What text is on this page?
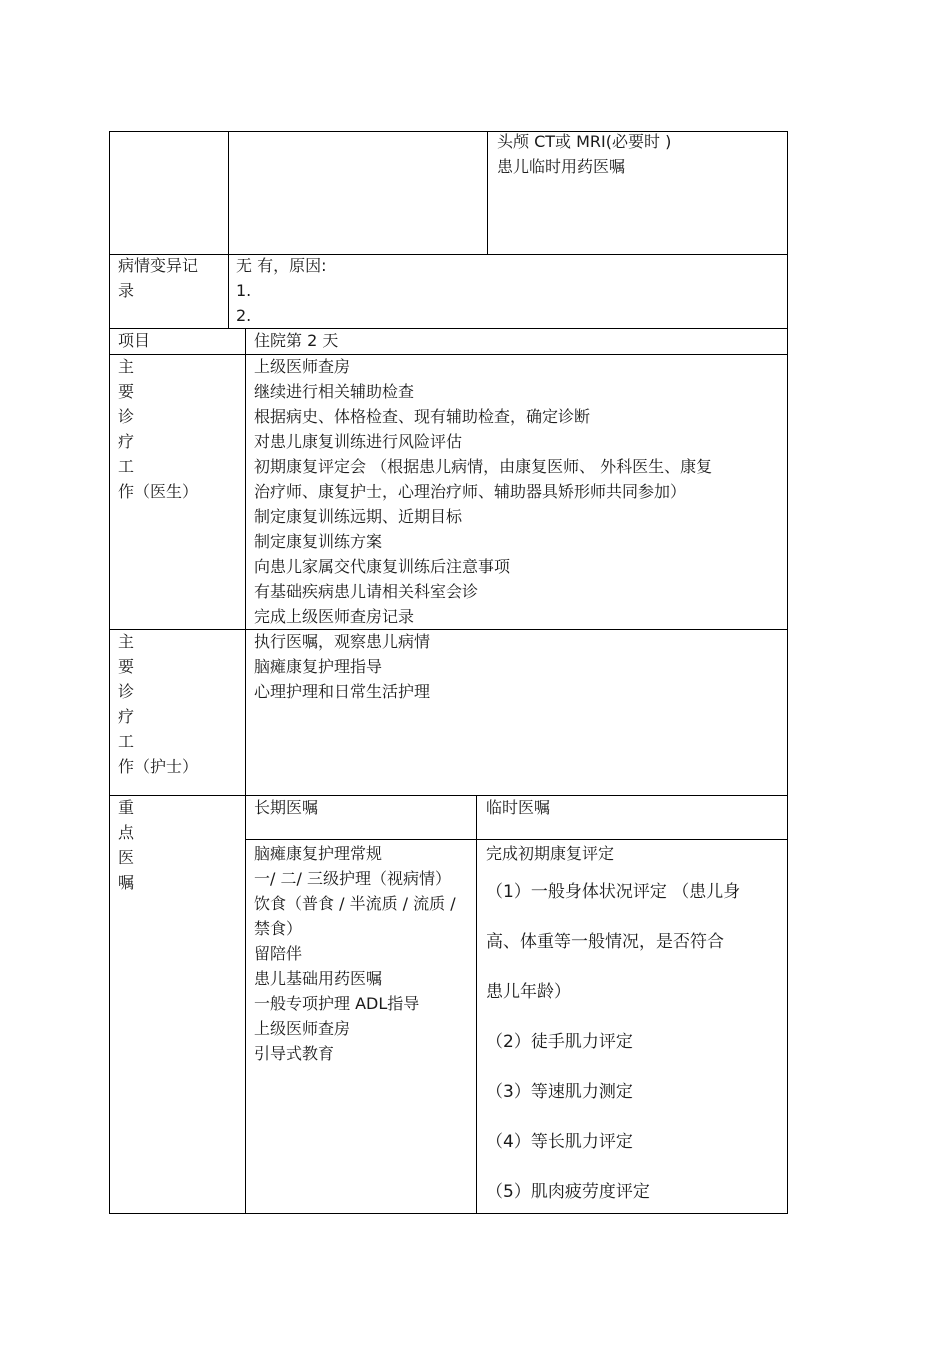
头颅 CT或 MRI(必要时 )
患儿临时用药医嘱
病情变异记
录
无 有，原因:
1.
2.
项目	住院第 2 天
主
要
诊
疗
工
作（医生）
上级医师查房
继续进行相关辅助检查
根据病史、体格检查、现有辅助检查，确定诊断
对患儿康复训练进行风险评估
初期康复评定会 （根据患儿病情，由康复医师、 外科医生、康复
治疗师、康复护士，心理治疗师、辅助器具矫形师共同参加）
制定康复训练远期、近期目标
制定康复训练方案
向患儿家属交代康复训练后注意事项
有基础疾病患儿请相关科室会诊
完成上级医师查房记录
主
要
诊
疗
工
作（护士）
执行医嘱，观察患儿病情
脑瘫康复护理指导
心理护理和日常生活护理
重
点
医
嘱
长期医嘱	临时医嘱
脑瘫康复护理常规
一/ 二/ 三级护理（视病情）
饮食（普食 / 半流质 / 流质 /
禁食）
留陪伴
患儿基础用药医嘱
一般专项护理 ADL指导
上级医师查房
引导式教育
完成初期康复评定
（1）一般身体状况评定 （患儿身
高、体重等一般情况，是否符合
患儿年龄）
（2）徒手肌力评定
（3）等速肌力测定
（4）等长肌力评定
（5）肌肉疲劳度评定
